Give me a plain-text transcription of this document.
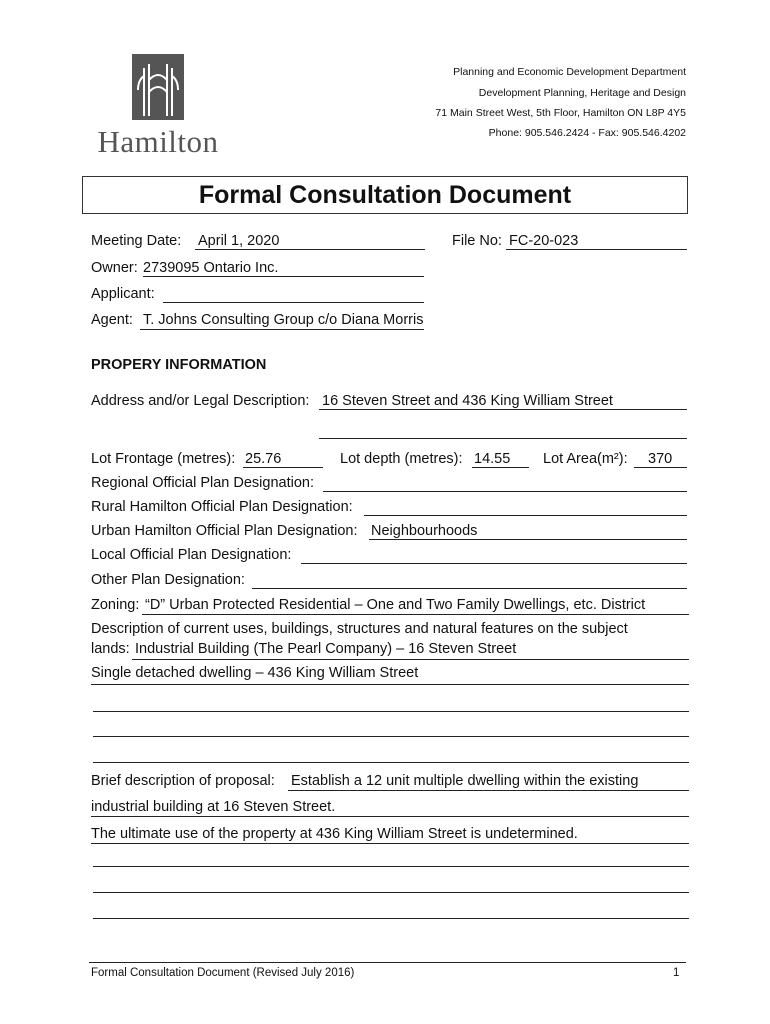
Hamilton
Planning and Economic Development Department
Development Planning, Heritage and Design
71 Main Street West, 5th Floor, Hamilton ON L8P 4Y5
Phone: 905.546.2424 - Fax: 905.546.4202
Formal Consultation Document
Meeting Date: April 1, 2020	File No: FC-20-023
Owner: 2739095 Ontario Inc.
Applicant:
Agent: T. Johns Consulting Group c/o Diana Morris
PROPERY INFORMATION
Address and/or Legal Description: 16 Steven Street and 436 King William Street
Lot Frontage (metres): 25.76	Lot depth (metres): 14.55	Lot Area(m²):	370
Regional Official Plan Designation:
Rural Hamilton Official Plan Designation:
Urban Hamilton Official Plan Designation: Neighbourhoods
Local Official Plan Designation:
Other Plan Designation:
Zoning: “D” Urban Protected Residential – One and Two Family Dwellings, etc. District
Description of current uses, buildings, structures and natural features on the subject
lands: Industrial Building (The Pearl Company) – 16 Steven Street
Single detached dwelling – 436 King William Street
Brief description of proposal: Establish a 12 unit multiple dwelling within the existing
industrial building at 16 Steven Street.
The ultimate use of the property at 436 King William Street is undetermined.
Formal Consultation Document (Revised July 2016)	1
